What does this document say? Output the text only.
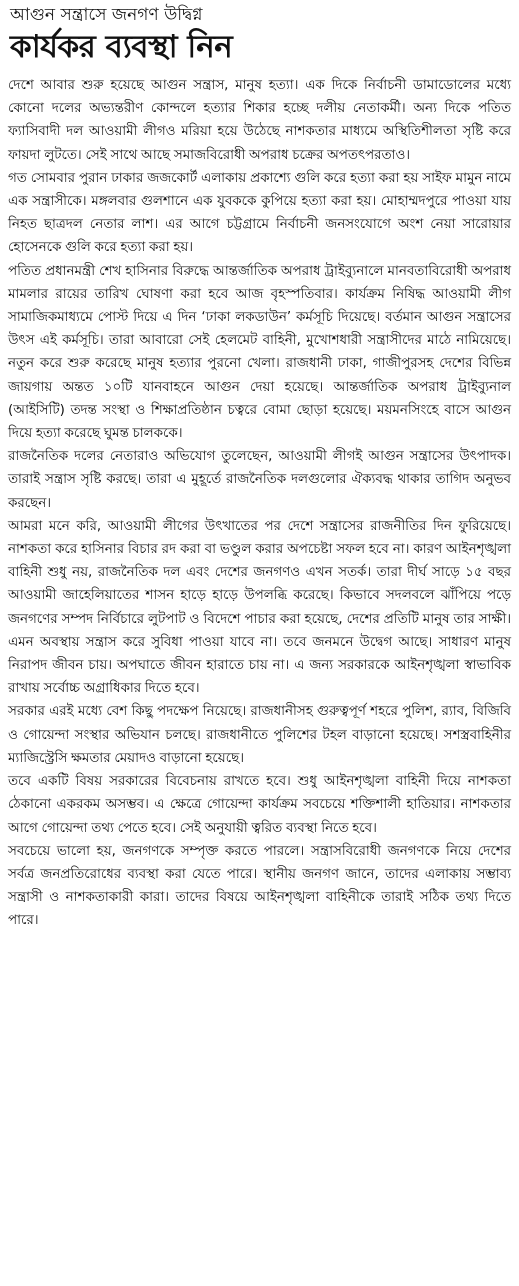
আগুন সন্ত্রাসে জনগণ উদ্বিগ্ন
কার্যকর ব্যবস্থা নিন

দেশে আবার শুরু হয়েছে আগুন সন্ত্রাস, মানুষ হত্যা। এক দিকে নির্বাচনী ডামাডোলের মধ্যে কোনো দলের অভ্যন্তরীণ কোন্দলে হত্যার শিকার হচ্ছে দলীয় নেতাকর্মী। অন্য দিকে পতিত ফ্যাসিবাদী দল আওয়ামী লীগও মরিয়া হয়ে উঠেছে নাশকতার মাধ্যমে অস্থিতিশীলতা সৃষ্টি করে ফায়দা লুটতে। সেই সাথে আছে সমাজবিরোধী অপরাধ চক্রের অপতৎপরতাও।

গত সোমবার পুরান ঢাকার জজকোর্ট এলাকায় প্রকাশ্যে গুলি করে হত্যা করা হয় সাইফ মামুন নামে এক সন্ত্রাসীকে। মঙ্গলবার গুলশানে এক যুবককে কুপিয়ে হত্যা করা হয়। মোহাম্মদপুরে পাওয়া যায় নিহত ছাত্রদল নেতার লাশ। এর আগে চট্টগ্রামে নির্বাচনী জনসংযোগে অংশ নেয়া সারোয়ার হোসেনকে গুলি করে হত্যা করা হয়।

পতিত প্রধানমন্ত্রী শেখ হাসিনার বিরুদ্ধে আন্তর্জাতিক অপরাধ ট্রাইব্যুনালে মানবতাবিরোধী অপরাধ মামলার রায়ের তারিখ ঘোষণা করা হবে আজ বৃহস্পতিবার। কার্যক্রম নিষিদ্ধ আওয়ামী লীগ সামাজিকমাধ্যমে পোস্ট দিয়ে এ দিন ‘ঢাকা লকডাউন’ কর্মসূচি দিয়েছে। বর্তমান আগুন সন্ত্রাসের উৎস এই কর্মসূচি। তারা আবারো সেই হেলমেট বাহিনী, মুখোশধারী সন্ত্রাসীদের মাঠে নামিয়েছে। নতুন করে শুরু করেছে মানুষ হত্যার পুরনো খেলা। রাজধানী ঢাকা, গাজীপুরসহ দেশের বিভিন্ন জায়গায় অন্তত ১০টি যানবাহনে আগুন দেয়া হয়েছে। আন্তর্জাতিক অপরাধ ট্রাইব্যুনাল (আইসিটি) তদন্ত সংস্থা ও শিক্ষাপ্রতিষ্ঠান চত্বরে বোমা ছোড়া হয়েছে। ময়মনসিংহে বাসে আগুন দিয়ে হত্যা করেছে ঘুমন্ত চালককে।

রাজনৈতিক দলের নেতারাও অভিযোগ তুলেছেন, আওয়ামী লীগই আগুন সন্ত্রাসের উৎপাদক। তারাই সন্ত্রাস সৃষ্টি করছে। তারা এ মুহূর্তে রাজনৈতিক দলগুলোর ঐক্যবদ্ধ থাকার তাগিদ অনুভব করছেন।

আমরা মনে করি, আওয়ামী লীগের উৎখাতের পর দেশে সন্ত্রাসের রাজনীতির দিন ফুরিয়েছে। নাশকতা করে হাসিনার বিচার রদ করা বা ভণ্ডুল করার অপচেষ্টা সফল হবে না। কারণ আইনশৃঙ্খলা বাহিনী শুধু নয়, রাজনৈতিক দল এবং দেশের জনগণও এখন সতর্ক। তারা দীর্ঘ সাড়ে ১৫ বছর আওয়ামী জাহেলিয়াতের শাসন হাড়ে হাড়ে উপলব্ধি করেছে। কিভাবে সদলবলে ঝাঁপিয়ে পড়ে জনগণের সম্পদ নির্বিচারে লুটপাট ও বিদেশে পাচার করা হয়েছে, দেশের প্রতিটি মানুষ তার সাক্ষী। এমন অবস্থায় সন্ত্রাস করে সুবিধা পাওয়া যাবে না। তবে জনমনে উদ্বেগ আছে। সাধারণ মানুষ নিরাপদ জীবন চায়। অপঘাতে জীবন হারাতে চায় না। এ জন্য সরকারকে আইনশৃঙ্খলা স্বাভাবিক রাখায় সর্বোচ্চ অগ্রাধিকার দিতে হবে।

সরকার এরই মধ্যে বেশ কিছু পদক্ষেপ নিয়েছে। রাজধানীসহ গুরুত্বপূর্ণ শহরে পুলিশ, র‌্যাব, বিজিবি ও গোয়েন্দা সংস্থার অভিযান চলছে। রাজধানীতে পুলিশের টহল বাড়ানো হয়েছে। সশস্ত্রবাহিনীর ম্যাজিস্ট্রেসি ক্ষমতার মেয়াদও বাড়ানো হয়েছে।

তবে একটি বিষয় সরকারের বিবেচনায় রাখতে হবে। শুধু আইনশৃঙ্খলা বাহিনী দিয়ে নাশকতা ঠেকানো একরকম অসম্ভব। এ ক্ষেত্রে গোয়েন্দা কার্যক্রম সবচেয়ে শক্তিশালী হাতিয়ার। নাশকতার আগে গোয়েন্দা তথ্য পেতে হবে। সেই অনুযায়ী ত্বরিত ব্যবস্থা নিতে হবে।

সবচেয়ে ভালো হয়, জনগণকে সম্পৃক্ত করতে পারলে। সন্ত্রাসবিরোধী জনগণকে নিয়ে দেশের সর্বত্র জনপ্রতিরোধের ব্যবস্থা করা যেতে পারে। স্থানীয় জনগণ জানে, তাদের এলাকায় সম্ভাব্য সন্ত্রাসী ও নাশকতাকারী কারা। তাদের বিষয়ে আইনশৃঙ্খলা বাহিনীকে তারাই সঠিক তথ্য দিতে পারে।
